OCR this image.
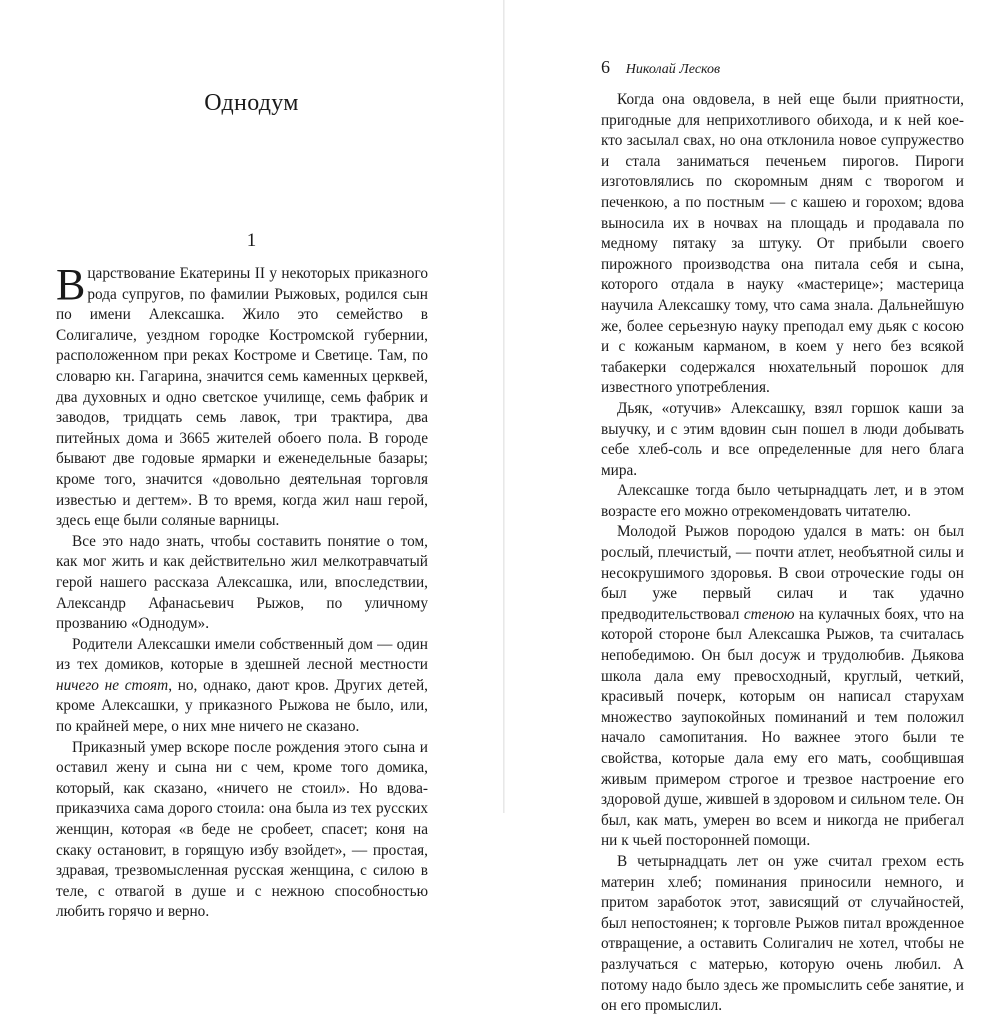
Однодум
1

Вцарствование Екатерины II у некоторых приказного рода супругов, по фамилии Рыжовых, родился сын по имени Алексашка. Жило это семейство в Солигаличе, уездном городке Костромской губернии, расположенном при реках Костроме и Светице. Там, по словарю кн. Гагарина, значится семь каменных церквей, два духовных и одно светское училище, семь фабрик и заводов, тридцать семь лавок, три трактира, два питейных дома и 3665 жителей обоего пола. В городе бывают две годовые ярмарки и еженедельные базары; кроме того, значится «довольно деятельная торговля известью и дегтем». В то время, когда жил наш герой, здесь еще были соляные варницы.

Все это надо знать, чтобы составить понятие о том, как мог жить и как действительно жил мелкотравчатый герой нашего рассказа Алексашка, или, впоследствии, Александр Афанасьевич Рыжов, по уличному прозванию «Однодум».

Родители Алексашки имели собственный дом — один из тех домиков, которые в здешней лесной местности ничего не стоят, но, однако, дают кров. Других детей, кроме Алексашки, у приказного Рыжова не было, или, по крайней мере, о них мне ничего не сказано.

Приказный умер вскоре после рождения этого сына и оставил жену и сына ни с чем, кроме того домика, который, как сказано, «ничего не стоил». Но вдова-приказчиха сама дорого стоила: она была из тех русских женщин, которая «в беде не сробеет, спасет; коня на скаку остановит, в горящую избу взойдет», — простая, здравая, трезвомысленная русская женщина, с силою в теле, с отвагой в душе и с нежною способностью любить горячо и верно.

6 Николай Лесков

Когда она овдовела, в ней еще были приятности, пригодные для неприхотливого обихода, и к ней кое-кто засылал свах, но она отклонила новое супружество и стала заниматься печеньем пирогов. Пироги изготовлялись по скоромным дням с творогом и печенкою, а по постным — с кашею и горохом; вдова выносила их в ночвах на площадь и продавала по медному пятаку за штуку. От прибыли своего пирожного производства она питала себя и сына, которого отдала в науку «мастерице»; мастерица научила Алексашку тому, что сама знала. Дальнейшую же, более серьезную науку преподал ему дьяк с косою и с кожаным карманом, в коем у него без всякой табакерки содержался нюхательный порошок для известного употребления.

Дьяк, «отучив» Алексашку, взял горшок каши за выучку, и с этим вдовин сын пошел в люди добывать себе хлеб-соль и все определенные для него блага мира.

Алексашке тогда было четырнадцать лет, и в этом возрасте его можно отрекомендовать читателю.

Молодой Рыжов породою удался в мать: он был рослый, плечистый, — почти атлет, необъятной силы и несокрушимого здоровья. В свои отроческие годы он был уже первый силач и так удачно предводительствовал стеною на кулачных боях, что на которой стороне был Алексашка Рыжов, та считалась непобедимою. Он был досуж и трудолюбив. Дьякова школа дала ему превосходный, круглый, четкий, красивый почерк, которым он написал старухам множество заупокойных поминаний и тем положил начало самопитания. Но важнее этого были те свойства, которые дала ему его мать, сообщившая живым примером строгое и трезвое настроение его здоровой душе, жившей в здоровом и сильном теле. Он был, как мать, умерен во всем и никогда не прибегал ни к чьей посторонней помощи.

В четырнадцать лет он уже считал грехом есть материн хлеб; поминания приносили немного, и притом заработок этот, зависящий от случайностей, был непостоянен; к торговле Рыжов питал врожденное отвращение, а оставить Солигалич не хотел, чтобы не разлучаться с матерью, которую очень любил. А потому надо было здесь же промыслить себе занятие, и он его промыслил.
